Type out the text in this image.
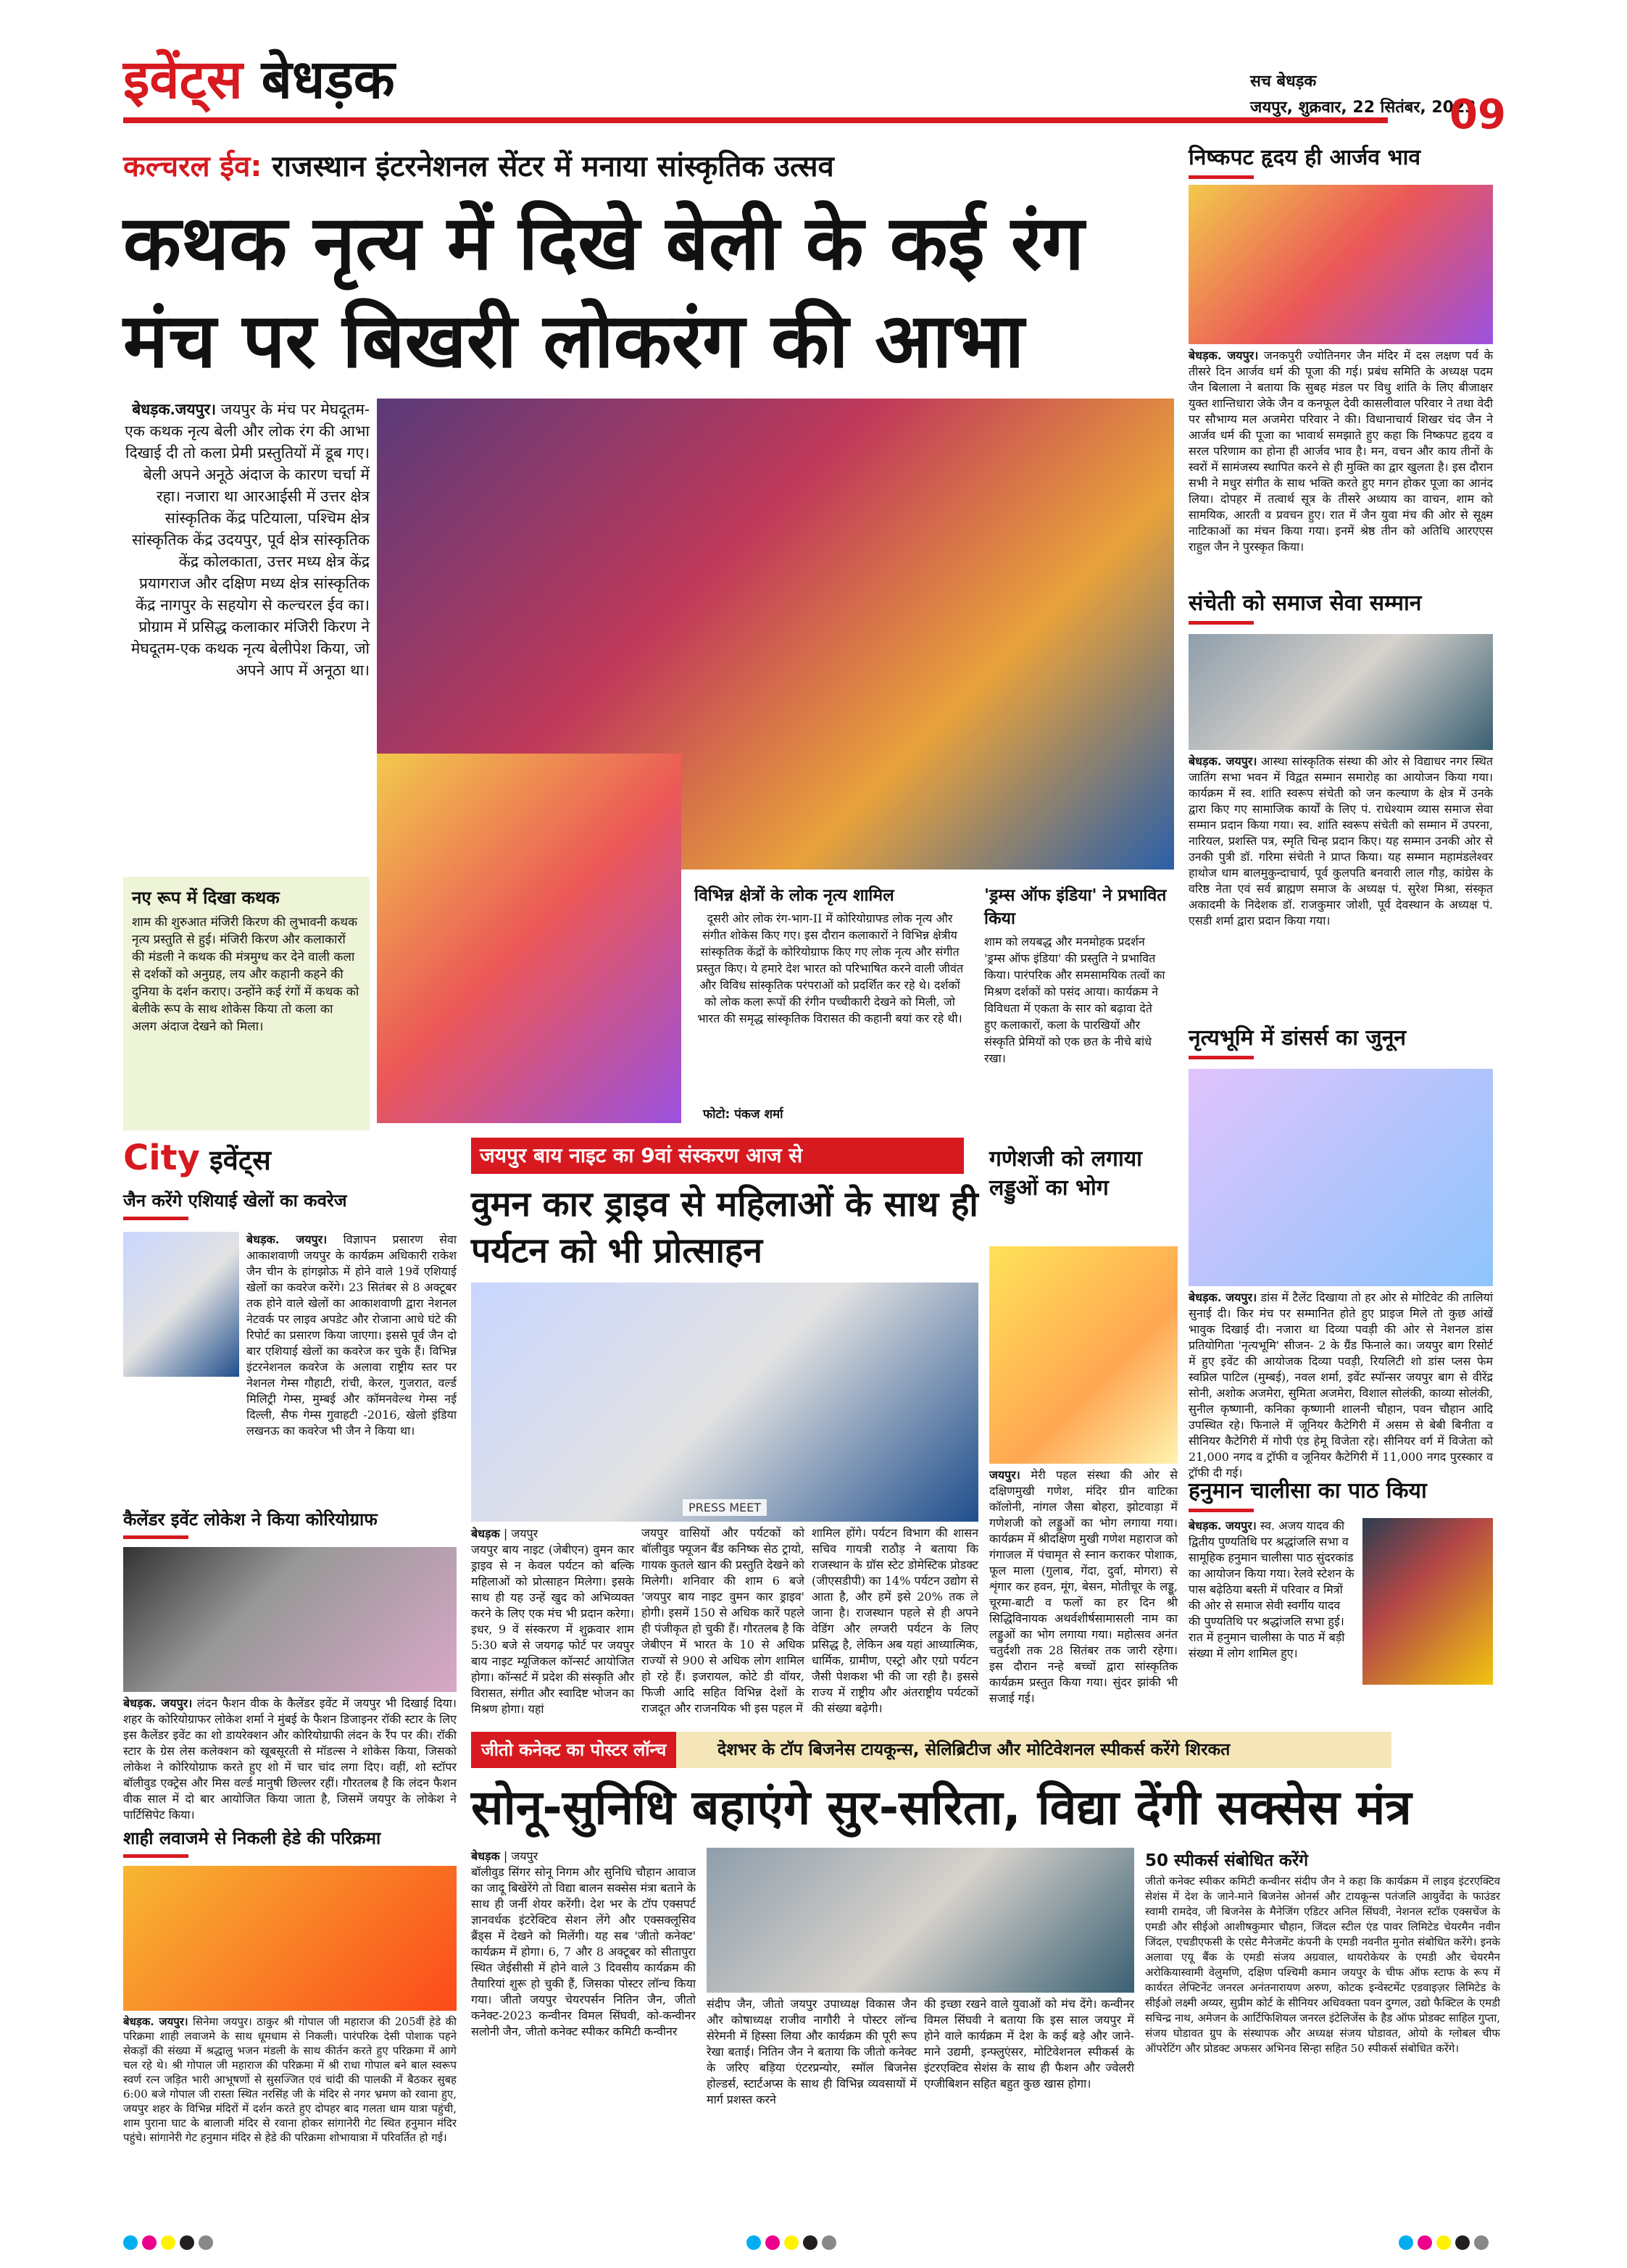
इवेंट्स बेधड़क	सच बेधड़क
जयपुर, शुक्रवार, 22 सितंबर, 2023
09
कल्चरल ईव: राजस्थान इंटरनेशनल सेंटर में मनाया सांस्कृतिक उत्सव
कथक नृत्य में दिखे बेली के कई रंग
मंच पर बिखरी लोकरंग की आभा
बेधड़क.जयपुर। जयपुर के मंच पर मेघदूतम-एक कथक नृत्य बेली और लोक रंग की आभा दिखाई दी तो कला प्रेमी प्रस्तुतियों में डूब गए। बेली अपने अनूठे अंदाज के कारण चर्चा में रहा। नजारा था आरआईसी में उत्तर क्षेत्र सांस्कृतिक केंद्र पटियाला, पश्चिम क्षेत्र सांस्कृतिक केंद्र उदयपुर, पूर्व क्षेत्र सांस्कृतिक केंद्र कोलकाता, उत्तर मध्य क्षेत्र केंद्र प्रयागराज और दक्षिण मध्य क्षेत्र सांस्कृतिक केंद्र नागपुर के सहयोग से कल्चरल ईव का। प्रोग्राम में प्रसिद्ध कलाकार मंजिरी किरण ने मेघदूतम-एक कथक नृत्य बेलीपेश किया, जो अपने आप में अनूठा था।
नए रूप में दिखा कथक
शाम की शुरुआत मंजिरी किरण की लुभावनी कथक नृत्य प्रस्तुति से हुई। मंजिरी किरण और कलाकारों की मंडली ने कथक की मंत्रमुग्ध कर देने वाली कला से दर्शकों को अनुग्रह, लय और कहानी कहने की दुनिया के दर्शन कराए। उन्होंने कई रंगों में कथक को बेलीके रूप के साथ शोकेस किया तो कला का अलग अंदाज देखने को मिला।
विभिन्न क्षेत्रों के लोक नृत्य शामिल
दूसरी ओर लोक रंग-भाग-II में कोरियोग्राफ्ड लोक नृत्य और संगीत शोकेस किए गए। इस दौरान कलाकारों ने विभिन्न क्षेत्रीय सांस्कृतिक केंद्रों के कोरियोग्राफ किए गए लोक नृत्य और संगीत प्रस्तुत किए। ये हमारे देश भारत को परिभाषित करने वाली जीवंत और विविध सांस्कृतिक परंपराओं को प्रदर्शित कर रहे थे। दर्शकों को लोक कला रूपों की रंगीन पच्चीकारी देखने को मिली, जो भारत की समृद्ध सांस्कृतिक विरासत की कहानी बयां कर रहे थी।
'ड्रम्स ऑफ इंडिया' ने प्रभावित किया
शाम को लयबद्ध और मनमोहक प्रदर्शन 'ड्रम्स ऑफ इंडिया' की प्रस्तुति ने प्रभावित किया। पारंपरिक और समसामयिक तत्वों का मिश्रण दर्शकों को पसंद आया। कार्यक्रम ने विविधता में एकता के सार को बढ़ावा देते हुए कलाकारों, कला के पारखियों और संस्कृति प्रेमियों को एक छत के नीचे बांधे रखा।
फोटो: पंकज शर्मा
निष्कपट हृदय ही आर्जव भाव
बेधड़क. जयपुर। जनकपुरी ज्योतिनगर जैन मंदिर में दस लक्षण पर्व के तीसरे दिन आर्जव धर्म की पूजा की गई। प्रबंध समिति के अध्यक्ष पदम जैन बिलाला ने बताया कि सुबह मंडल पर विधु शांति के लिए बीजाक्षर युक्त शान्तिधारा जेके जैन व कनफूल देवी कासलीवाल परिवार ने तथा वेदी पर सौभाग्य मल अजमेरा परिवार ने की। विधानाचार्य शिखर चंद जैन ने आर्जव धर्म की पूजा का भावार्थ समझाते हुए कहा कि निष्कपट हृदय व सरल परिणाम का होना ही आर्जव भाव है। मन, वचन और काय तीनों के स्वरों में सामंजस्य स्थापित करने से ही मुक्ति का द्वार खुलता है। इस दौरान सभी ने मधुर संगीत के साथ भक्ति करते हुए मगन होकर पूजा का आनंद लिया। दोपहर में तत्वार्थ सूत्र के तीसरे अध्याय का वाचन, शाम को सामयिक, आरती व प्रवचन हुए। रात में जैन युवा मंच की ओर से सूक्ष्म नाटिकाओं का मंचन किया गया। इनमें श्रेष्ठ तीन को अतिथि आरएएस राहुल जैन ने पुरस्कृत किया।
संचेती को समाज सेवा सम्मान
बेधड़क. जयपुर। आस्था सांस्कृतिक संस्था की ओर से विद्याधर नगर स्थित जातिंग सभा भवन में विद्वत सम्मान समारोह का आयोजन किया गया। कार्यक्रम में स्व. शांति स्वरूप संचेती को जन कल्याण के क्षेत्र में उनके द्वारा किए गए सामाजिक कार्यों के लिए पं. राधेश्याम व्यास समाज सेवा सम्मान प्रदान किया गया। स्व. शांति स्वरूप संचेती को सम्मान में उपरना, नारियल, प्रशस्ति पत्र, स्मृति चिन्ह प्रदान किए। यह सम्मान उनकी ओर से उनकी पुत्री डॉ. गरिमा संचेती ने प्राप्त किया। यह सम्मान महामंडलेश्वर हाथोज धाम बालमुकुन्दाचार्य, पूर्व कुलपति बनवारी लाल गौड़, कांग्रेस के वरिष्ठ नेता एवं सर्व ब्राह्मण समाज के अध्यक्ष पं. सुरेश मिश्रा, संस्कृत अकादमी के निदेशक डॉ. राजकुमार जोशी, पूर्व देवस्थान के अध्यक्ष पं. एसडी शर्मा द्वारा प्रदान किया गया।
नृत्यभूमि में डांसर्स का जुनून
बेधड़क. जयपुर। डांस में टैलेंट दिखाया तो हर ओर से मोटिवेट की तालियां सुनाई दी। किर मंच पर सम्मानित होते हुए प्राइज मिले तो कुछ आंखें भावुक दिखाई दी। नजारा था दिव्या पवड़ी की ओर से नेशनल डांस प्रतियोगिता 'नृत्यभूमि' सीजन- 2 के ग्रैंड फिनाले का। जयपुर बाग रिसोर्ट में हुए इवेंट की आयोजक दिव्या पवड़ी, रियलिटी शो डांस प्लस फेम स्वप्निल पाटिल (मुम्बई), नवल शर्मा, इवेंट स्पॉन्सर जयपुर बाग से वीरेंद्र सोनी, अशोक अजमेरा, सुमिता अजमेरा, विशाल सोलंकी, काव्या सोलंकी, सुनील कृष्णानी, कनिका कृष्णानी शालनी चौहान, पवन चौहान आदि उपस्थित रहे। फिनाले में जूनियर कैटेगिरी में असम से बेबी बिनीता व सीनियर कैटेगिरी में गोपी एंड हेमू विजेता रहे। सीनियर वर्ग में विजेता को 21,000 नगद व ट्रॉफी व जूनियर कैटेगिरी में 11,000 नगद पुरस्कार व ट्रॉफी दी गई।
हनुमान चालीसा का पाठ किया
बेधड़क. जयपुर। स्व. अजय यादव की द्वितीय पुण्यतिथि पर श्रद्धांजलि सभा व सामूहिक हनुमान चालीसा पाठ सुंदरकांड का आयोजन किया गया। रेलवे स्टेशन के पास बढ़ेठिया बस्ती में परिवार व मित्रों की ओर से समाज सेवी स्वर्गीय यादव की पुण्यतिथि पर श्रद्धांजलि सभा हुई। रात में हनुमान चालीसा के पाठ में बड़ी संख्या में लोग शामिल हुए।
City इवेंट्स
जैन करेंगे एशियाई खेलों का कवरेज
बेधड़क. जयपुर। विज्ञापन प्रसारण सेवा आकाशवाणी जयपुर के कार्यक्रम अधिकारी राकेश जैन चीन के हांगझोऊ में होने वाले 19वें एशियाई खेलों का कवरेज करेंगे। 23 सितंबर से 8 अक्टूबर तक होने वाले खेलों का आकाशवाणी द्वारा नेशनल नेटवर्क पर लाइव अपडेट और रोजाना आधे घंटे की रिपोर्ट का प्रसारण किया जाएगा। इससे पूर्व जैन दो बार एशियाई खेलों का कवरेज कर चुके हैं। विभिन्न इंटरनेशनल कवरेज के अलावा राष्ट्रीय स्तर पर नेशनल गेम्स गौहाटी, रांची, केरल, गुजरात, वर्ल्ड मिलिट्री गेम्स, मुम्बई और कॉमनवेल्थ गेम्स नई दिल्ली, सैफ गेम्स गुवाहटी -2016, खेलो इंडिया लखनऊ का कवरेज भी जैन ने किया था।
कैलेंडर इवेंट लोकेश ने किया कोरियोग्राफ
बेधड़क. जयपुर। लंदन फैशन वीक के कैलेंडर इवेंट में जयपुर भी दिखाई दिया। शहर के कोरियोग्राफर लोकेश शर्मा ने मुंबई के फैशन डिजाइनर रॉकी स्टार के लिए इस कैलेंडर इवेंट का शो डायरेक्शन और कोरियोग्राफी लंदन के रैंप पर की। रॉकी स्टार के ग्रेस लेस कलेक्शन को खूबसूरती से मॉडल्स ने शोकेस किया, जिसको लोकेश ने कोरियोग्राफ करते हुए शो में चार चांद लगा दिए। वहीं, शो स्टॉपर बॉलीवुड एक्ट्रेस और मिस वर्ल्ड मानुषी छिल्लर रहीं। गौरतलब है कि लंदन फैशन वीक साल में दो बार आयोजित किया जाता है, जिसमें जयपुर के लोकेश ने पार्टिसिपेट किया।
शाही लवाजमे से निकली हेडे की परिक्रमा
बेधड़क. जयपुर। सिनेमा जयपुर। ठाकुर श्री गोपाल जी महाराज की 205वीं हेडे की परिक्रमा शाही लवाजमे के साथ धूमधाम से निकली। पारंपरिक देसी पोशाक पहने सेकड़ों की संख्या में श्रद्धालु भजन मंडली के साथ कीर्तन करते हुए परिक्रमा में आगे चल रहे थे। श्री गोपाल जी महाराज की परिक्रमा में श्री राधा गोपाल बने बाल स्वरूप स्वर्ण रत्न जड़ित भारी आभूषणों से सुसज्जित एवं चांदी की पालकी में बैठकर सुबह 6:00 बजे गोपाल जी रास्ता स्थित नरसिंह जी के मंदिर से नगर भ्रमण को रवाना हुए, जयपुर शहर के विभिन्न मंदिरों में दर्शन करते हुए दोपहर बाद गलता धाम यात्रा पहुंची, शाम पुराना घाट के बालाजी मंदिर से रवाना होकर सांगानेरी गेट स्थित हनुमान मंदिर पहुंचे। सांगानेरी गेट हनुमान मंदिर से हेडे की परिक्रमा शोभायात्रा में परिवर्तित हो गई।
जयपुर बाय नाइट का 9वां संस्करण आज से
वुमन कार ड्राइव से महिलाओं के साथ ही पर्यटन को भी प्रोत्साहन
PRESS MEET
बेधड़क | जयपुर
जयपुर बाय नाइट (जेबीएन) वुमन कार ड्राइव से न केवल पर्यटन को बल्कि महिलाओं को प्रोत्साहन मिलेगा। इसके साथ ही यह उन्हें खुद को अभिव्यक्त करने के लिए एक मंच भी प्रदान करेगा। इधर, 9 वें संस्करण में शुक्रवार शाम 5:30 बजे से जयगढ़ फोर्ट पर जयपुर बाय नाइट म्यूजिकल कॉन्सर्ट आयोजित होगा। कॉन्सर्ट में प्रदेश की संस्कृति और विरासत, संगीत और स्वादिष्ट भोजन का मिश्रण होगा। यहां
जयपुर वासियों और पर्यटकों को बॉलीवुड फ्यूजन बैंड कनिष्क सेठ ट्रायो, गायक कुतले खान की प्रस्तुति देखने को मिलेगी। शनिवार की शाम 6 बजे 'जयपुर बाय नाइट वुमन कार ड्राइव' होगी। इसमें 150 से अधिक कारें पहले ही पंजीकृत हो चुकी हैं। गौरतलब है कि जेबीएन में भारत के 10 से अधिक राज्यों से 900 से अधिक लोग शामिल हो रहे हैं। इजरायल, कोटे डी वॉयर, फिजी आदि सहित विभिन्न देशों के राजदूत और राजनयिक भी इस पहल में
शामिल होंगे। पर्यटन विभाग की शासन सचिव गायत्री राठौड़ ने बताया कि राजस्थान के ग्रॉस स्टेट डोमेस्टिक प्रोडक्ट (जीएसडीपी) का 14% पर्यटन उद्योग से आता है, और हमें इसे 20% तक ले जाना है। राजस्थान पहले से ही अपने वेडिंग और लग्जरी पर्यटन के लिए प्रसिद्ध है, लेकिन अब यहां आध्यात्मिक, धार्मिक, ग्रामीण, एस्ट्रो और एग्रो पर्यटन जैसी पेशकश भी की जा रही है। इससे राज्य में राष्ट्रीय और अंतराष्ट्रीय पर्यटकों की संख्या बढ़ेगी।
गणेशजी को लगाया लड्डुओं का भोग
जयपुर। मेरी पहल संस्था की ओर से दक्षिणमुखी गणेश, मंदिर ग्रीन वाटिका कॉलोनी, नांगल जैसा बोहरा, झोटवाड़ा में गणेशजी को लड्डुओं का भोग लगाया गया। कार्यक्रम में श्रीदक्षिण मुखी गणेश महाराज को गंगाजल में पंचामृत से स्नान कराकर पोशाक, फूल माला (गुलाब, गेंदा, दुर्वा, मोगरा) से शृंगार कर हवन, मूंग, बेसन, मोतीचूर के लड्डू, चूरमा-बाटी व फलों का हर दिन श्री सिद्धिविनायक अथर्वशीर्षसामासली नाम का लड्डुओं का भोग लगाया गया। महोत्सव अनंत चतुर्दशी तक 28 सितंबर तक जारी रहेगा। इस दौरान नन्हे बच्चों द्वारा सांस्कृतिक कार्यक्रम प्रस्तुत किया गया। सुंदर झांकी भी सजाई गई।
जीतो कनेक्ट का पोस्टर लॉन्च	देशभर के टॉप बिजनेस टायकून्स, सेलिब्रिटीज और मोटिवेशनल स्पीकर्स करेंगे शिरकत
सोनू-सुनिधि बहाएंगे सुर-सरिता, विद्या देंगी सक्सेस मंत्र
बेधड़क | जयपुर
बॉलीवुड सिंगर सोनू निगम और सुनिधि चौहान आवाज का जादू बिखेरेंगे तो विद्या बालन सक्सेस मंत्रा बताने के साथ ही जर्नी शेयर करेंगी। देश भर के टॉप एक्सपर्ट ज्ञानवर्धक इंटरेक्टिव सेशन लेंगे और एक्सक्लूसिव ब्रैंड्स में देखने को मिलेंगी। यह सब 'जीतो कनेक्ट' कार्यक्रम में होगा। 6, 7 और 8 अक्टूबर को सीतापुरा स्थित जेईसीसी में होने वाले 3 दिवसीय कार्यक्रम की तैयारियां शुरू हो चुकी हैं, जिसका पोस्टर लॉन्च किया गया। जीतो जयपुर चेयरपर्सन नितिन जैन, जीतो कनेक्ट-2023 कन्वीनर विमल सिंघवी, को-कन्वीनर सलोनी जैन, जीतो कनेक्ट स्पीकर कमिटी कन्वीनर
संदीप जैन, जीतो जयपुर उपाध्यक्ष विकास जैन और कोषाध्यक्ष राजीव नागौरी ने पोस्टर लॉन्च सेरेमनी में हिस्सा लिया और कार्यक्रम की पूरी रूप रेखा बताई। नितिन जैन ने बताया कि जीतो कनेक्ट के जरिए बड़िया एंटरप्रन्योर, स्मॉल बिजनेस होल्डर्स, स्टार्टअप्स के साथ ही विभिन्न व्यवसायों में मार्ग प्रशस्त करने
की इच्छा रखने वाले युवाओं को मंच देंगे। कन्वीनर विमल सिंघवी ने बताया कि इस साल जयपुर में होने वाले कार्यक्रम में देश के कई बड़े और जाने-माने उद्यमी, इन्फ्लुएंसर, मोटिवेशनल स्पीकर्स के इंटरएक्टिव सेशंस के साथ ही फैशन और ज्वेलरी एग्जीबिशन सहित बहुत कुछ खास होगा।
50 स्पीकर्स संबोधित करेंगे
जीतो कनेक्ट स्पीकर कमिटी कन्वीनर संदीप जैन ने कहा कि कार्यक्रम में लाइव इंटरएक्टिव सेशंस में देश के जाने-माने बिजनेस ओनर्स और टायकून्स पतंजलि आयुर्वेदा के फाउंडर स्वामी रामदेव, जी बिजनेस के मैनेजिंग एडिटर अनिल सिंघवी, नेशनल स्टॉक एक्सचेंज के एमडी और सीईओ आशीषकुमार चौहान, जिंदल स्टील एंड पावर लिमिटेड चेयरमैन नवीन जिंदल, एचडीएफसी के एसेट मैनेजमेंट कंपनी के एमडी नवनीत मुनोत संबोधित करेंगे। इनके अलावा एयू बैंक के एमडी संजय अग्रवाल, थायरोकेयर के एमडी और चेयरमैन अरोकियास्वामी वेलुमणि, दक्षिण पश्चिमी कमान जयपुर के चीफ ऑफ स्टाफ के रूप में कार्यरत लेफ्टिनेंट जनरल अनंतनारायण अरुण, कोटक इन्वेस्टमेंट एडवाइज़र लिमिटेड के सीईओ लक्ष्मी अय्यर, सुप्रीम कोर्ट के सीनियर अधिवक्ता पवन दुग्गल, उद्यो फैक्टिल के एमडी सचिन्द्र नाथ, अमेजन के आर्टिफिशियल जनरल इंटेलिजेंस के हैड ऑफ प्रोडक्ट साहिल गुप्ता, संजय घोडावत ग्रुप के संस्थापक और अध्यक्ष संजय घोडावत, ओयो के ग्लोबल चीफ ऑपरेटिंग और प्रोडक्ट अफसर अभिनव सिन्हा सहित 50 स्पीकर्स संबोधित करेंगे।
